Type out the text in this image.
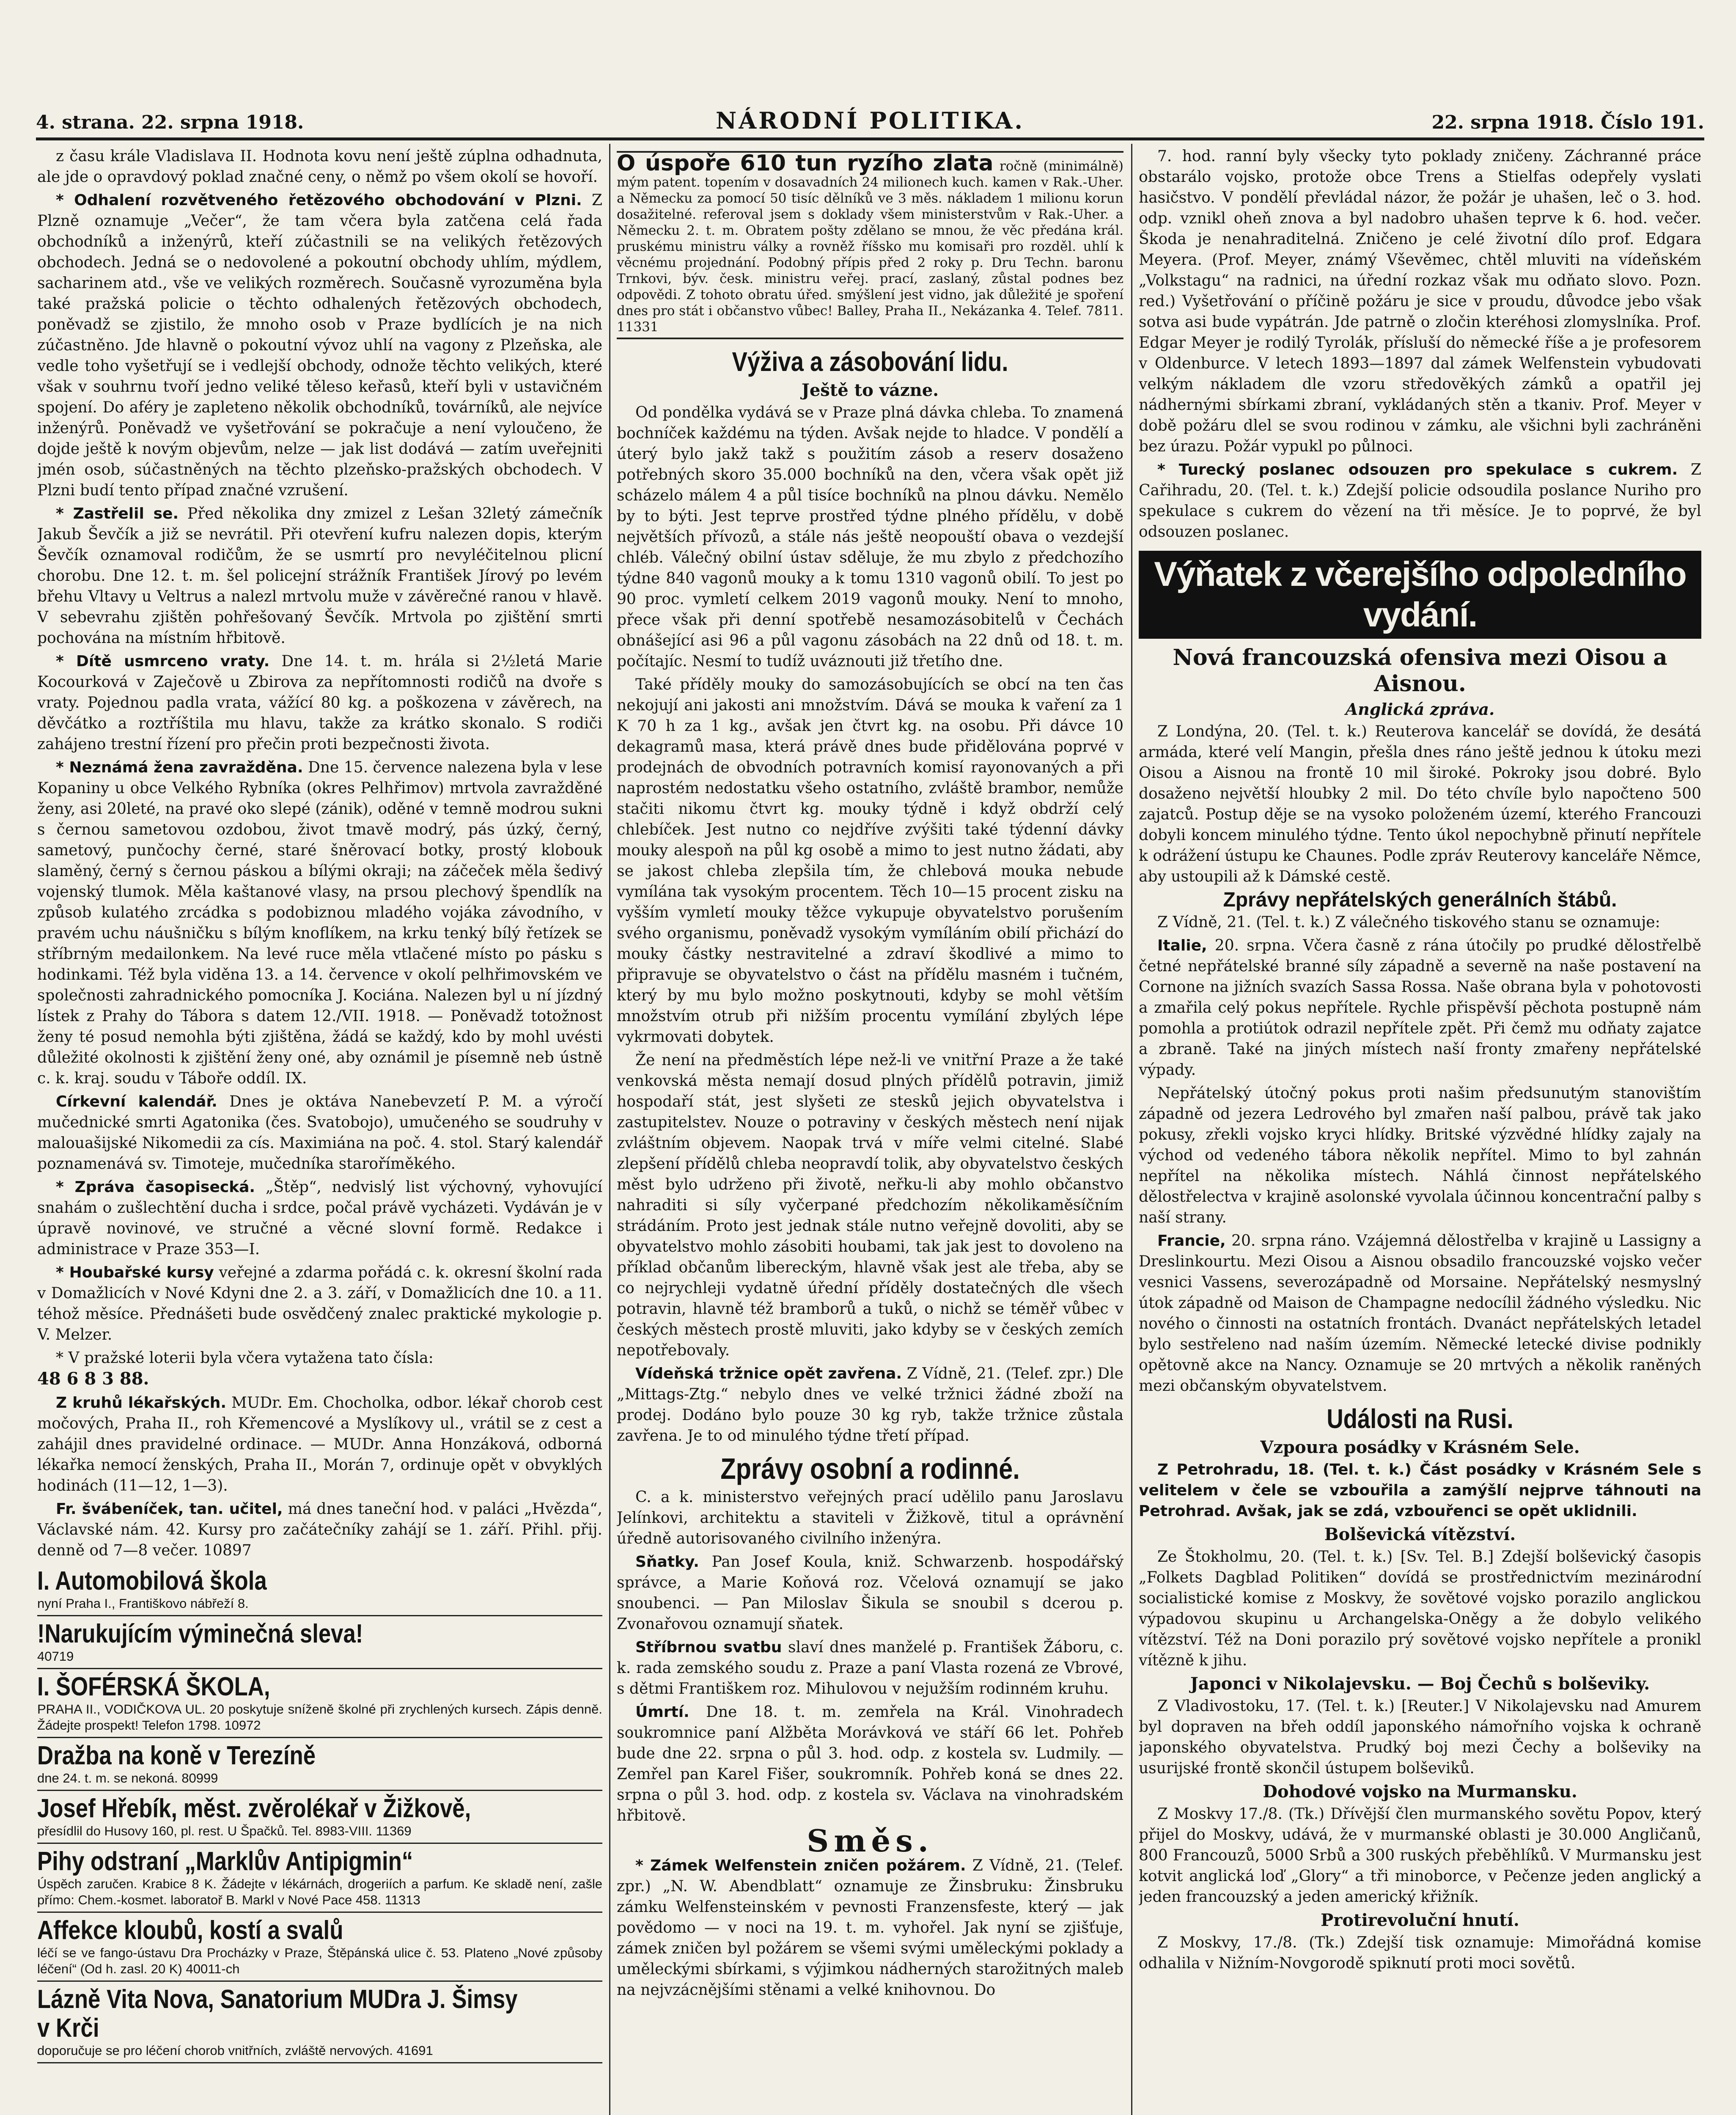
4. strana. 22. srpna 1918.	NÁRODNÍ POLITIKA.	22. srpna 1918. Číslo 191.

z času krále Vladislava II. Hodnota kovu není ještě zúplna odhadnuta, ale jde o opravdový poklad značné ceny, o němž po všem okolí se hovoří.

* Odhalení rozvětveného řetězového obchodování v Plzni. Z Plzně oznamuje „Večer“, že tam včera byla zatčena celá řada obchodníků a inženýrů, kteří zúčastnili se na velikých řetězových obchodech. Jedná se o nedovolené a pokoutní obchody uhlím, mýdlem, sacharinem atd., vše ve velikých rozměrech. Současně vyrozuměna byla také pražská policie o těchto odhalených řetězových obchodech, poněvadž se zjistilo, že mnoho osob v Praze bydlících je na nich zúčastněno. Jde hlavně o pokoutní vývoz uhlí na vagony z Plzeňska, ale vedle toho vyšetřují se i vedlejší obchody, odnože těchto velikých, které však v souhrnu tvoří jedno veliké těleso keřasů, kteří byli v ustavičném spojení. Do aféry je zapleteno několik obchodníků, továrníků, ale nejvíce inženýrů. Poněvadž ve vyšetřování se pokračuje a není vyloučeno, že dojde ještě k novým objevům, nelze — jak list dodává — zatím uveřejniti jmén osob, súčastněných na těchto plzeňsko-pražských obchodech. V Plzni budí tento případ značné vzrušení.

* Zastřelil se. Před několika dny zmizel z Lešan 32letý zámečník Jakub Ševčík a již se nevrátil. Při otevření kufru nalezen dopis, kterým Ševčík oznamoval rodičům, že se usmrtí pro nevyléčitelnou plicní chorobu. Dne 12. t. m. šel policejní strážník František Jírový po levém břehu Vltavy u Veltrus a nalezl mrtvolu muže v závěrečné ranou v hlavě. V sebevrahu zjištěn pohřešovaný Ševčík. Mrtvola po zjištění smrti pochována na místním hřbitově.

* Dítě usmrceno vraty. Dne 14. t. m. hrála si 2½letá Marie Kocourková v Zaječově u Zbirova za nepřítomnosti rodičů na dvoře s vraty. Pojednou padla vrata, vážící 80 kg. a poškozena v závěrech, na děvčátko a roztříštila mu hlavu, takže za krátko skonalo. S rodiči zahájeno trestní řízení pro přečin proti bezpečnosti života.

* Neznámá žena zavražděna. Dne 15. července nalezena byla v lese Kopaniny u obce Velkého Rybníka (okres Pelhřimov) mrtvola zavražděné ženy, asi 20leté, na pravé oko slepé (zánik), oděné v temně modrou sukni s černou sametovou ozdobou, život tmavě modrý, pás úzký, černý, sametový, punčochy černé, staré šněrovací botky, prostý klobouk slaměný, černý s černou páskou a bílými okraji; na záčeček měla šedivý vojenský tlumok. Měla kaštanové vlasy, na prsou plechový špendlík na způsob kulatého zrcádka s podobiznou mladého vojáka závodního, v pravém uchu náušničku s bílým knoflíkem, na krku tenký bílý řetízek se stříbrným medailonkem. Na levé ruce měla vtlačené místo po pásku s hodinkami. Též byla viděna 13. a 14. července v okolí pelhřimovském ve společnosti zahradnického pomocníka J. Kociána. Nalezen byl u ní jízdný lístek z Prahy do Tábora s datem 12./VII. 1918. — Poněvadž totožnost ženy té posud nemohla býti zjištěna, žádá se každý, kdo by mohl uvésti důležité okolnosti k zjištění ženy oné, aby oznámil je písemně neb ústně c. k. kraj. soudu v Táboře oddíl. IX.

Církevní kalendář. Dnes je oktáva Nanebevzetí P. M. a výročí mučednické smrti Agatonika (čes. Svatobojo), umučeného se soudruhy v malouašijské Nikomedii za cís. Maximiána na poč. 4. stol. Starý kalendář poznamenává sv. Timoteje, mučedníka staroříměkého.

* Zpráva časopisecká. „Štěp“, nedvislý list výchovný, vyhovující snahám o zušlechtění ducha i srdce, počal právě vycházeti. Vydáván je v úpravě novinové, ve stručné a věcné slovní formě. Redakce i administrace v Praze 353—I.

* Houbařské kursy veřejné a zdarma pořádá c. k. okresní školní rada v Domažlicích v Nové Kdyni dne 2. a 3. září, v Domažlicích dne 10. a 11. téhož měsíce. Přednášeti bude osvědčený znalec praktické mykologie p. V. Melzer.

* V pražské loterii byla včera vytažena tato čísla:
48 6 8 3 88.

Z kruhů lékařských. MUDr. Em. Chocholka, odbor. lékař chorob cest močových, Praha II., roh Křemencové a Myslíkovy ul., vrátil se z cest a zahájil dnes pravidelné ordinace. — MUDr. Anna Honzáková, odborná lékařka nemocí ženských, Praha II., Morán 7, ordinuje opět v obvyklých hodinách (11—12, 1—3).

Fr. švábeníček, tan. učitel, má dnes taneční hod. v paláci „Hvězda“, Václavské nám. 42. Kursy pro začátečníky zahájí se 1. září. Přihl. přij. denně od 7—8 večer. 10897

I. Automobilová škola
nyní Praha I., Františkovo nábřeží 8.
!Narukujícím výminečná sleva!
40719
I. ŠOFÉRSKÁ ŠKOLA,
PRAHA II., VODIČKOVA UL. 20 poskytuje sníženě školné při zrychlených kursech. Zápis denně. Žádejte prospekt! Telefon 1798. 10972
Dražba na koně v Terezíně
dne 24. t. m. se nekoná. 80999
Josef Hřebík, měst. zvěrolékař v Žižkově,
přesídlil do Husovy 160, pl. rest. U Špačků. Tel. 8983-VIII. 11369
Pihy odstraní „Marklův Antipigmin“
Úspěch zaručen. Krabice 8 K. Žádejte v lékárnách, drogeriích a parfum. Ke skladě není, zašle přímo: Chem.-kosmet. laboratoř B. Markl v Nové Pace 458. 11313
Affekce kloubů, kostí a svalů
léčí se ve fango-ústavu Dra Procházky v Praze, Štěpánská ulice č. 53. Plateno „Nové způsoby léčení“ (Od h. zasl. 20 K) 40011-ch
Lázně Vita Nova, Sanatorium MUDra J. Šimsy v Krči
doporučuje se pro léčení chorob vnitřních, zvláště nervových. 41691
O úspoře 610 tun ryzího zlata ročně (minimálně) mým patent. topením v dosavadních 24 milionech kuch. kamen v Rak.-Uher. a Německu za pomocí 50 tisíc dělníků ve 3 měs. nákladem 1 milionu korun dosažitelné. referoval jsem s doklady všem ministerstvům v Rak.-Uher. a Německu 2. t. m. Obratem pošty zdělano se mnou, že věc předána král. pruskému ministru války a rovněž říšsko mu komisaři pro rozděl. uhlí k věcnému projednání. Podobný přípis před 2 roky p. Dru Techn. baronu Trnkovi, býv. česk. ministru veřej. prací, zaslaný, zůstal podnes bez odpovědi. Z tohoto obratu úřed. smýšlení jest vidno, jak důležité je spoření dnes pro stát i občanstvo vůbec! Balley, Praha II., Nekázanka 4. Telef. 7811. 11331
Výživa a zásobování lidu.
Ještě to vázne.

Od pondělka vydává se v Praze plná dávka chleba. To znamená bochníček každému na týden. Avšak nejde to hladce. V pondělí a úterý bylo jakž takž s použitím zásob a reserv dosaženo potřebných skoro 35.000 bochníků na den, včera však opět již scházelo málem 4 a půl tisíce bochníků na plnou dávku. Nemělo by to býti. Jest teprve prostřed týdne plného přídělu, v době největších přívozů, a stále nás ještě neopouští obava o vezdejší chléb. Válečný obilní ústav sděluje, že mu zbylo z předchozího týdne 840 vagonů mouky a k tomu 1310 vagonů obilí. To jest po 90 proc. vymletí celkem 2019 vagonů mouky. Není to mnoho, přece však při denní spotřebě nesamozásobitelů v Čechách obnášející asi 96 a půl vagonu zásobách na 22 dnů od 18. t. m. počítajíc. Nesmí to tudíž uváznouti již třetího dne.

Také příděly mouky do samozásobujících se obcí na ten čas nekojují ani jakosti ani množstvím. Dává se mouka k vaření za 1 K 70 h za 1 kg., avšak jen čtvrt kg. na osobu. Při dávce 10 dekagramů masa, která právě dnes bude přidělována poprvé v prodejnách de obvodních potravních komisí rayonovaných a při naprostém nedostatku všeho ostatního, zvláště brambor, nemůže stačiti nikomu čtvrt kg. mouky týdně i když obdrží celý chlebíček. Jest nutno co nejdříve zvýšiti také týdenní dávky mouky alespoň na půl kg osobě a mimo to jest nutno žádati, aby se jakost chleba zlepšila tím, že chlebová mouka nebude vymílána tak vysokým procentem. Těch 10—15 procent zisku na vyšším vymletí mouky těžce vykupuje obyvatelstvo porušením svého organismu, poněvadž vysokým vymíláním obilí přichází do mouky částky nestravitelné a zdraví škodlivé a mimo to připravuje se obyvatelstvo o část na přídělu masném i tučném, který by mu bylo možno poskytnouti, kdyby se mohl větším množstvím otrub při nižším procentu vymílání zbylých lépe vykrmovati dobytek.

Že není na předměstích lépe než-li ve vnitřní Praze a že také venkovská města nemají dosud plných přídělů potravin, jimiž hospodaří stát, jest slyšeti ze stesků jejich obyvatelstva i zastupitelstev. Nouze o potraviny v českých městech není nijak zvláštním objevem. Naopak trvá v míře velmi citelné. Slabé zlepšení přídělů chleba neopravdí tolik, aby obyvatelstvo českých měst bylo udrženo při životě, neřku-li aby mohlo občanstvo nahraditi si síly vyčerpané předchozím několikaměsíčním strádáním. Proto jest jednak stále nutno veřejně dovoliti, aby se obyvatelstvo mohlo zásobiti houbami, tak jak jest to dovoleno na příklad občanům libereckým, hlavně však jest ale třeba, aby se co nejrychleji vydatně úřední příděly dostatečných dle všech potravin, hlavně též bramborů a tuků, o nichž se téměř vůbec v českých městech prostě mluviti, jako kdyby se v českých zemích nepotřebovaly.

Vídeňská tržnice opět zavřena. Z Vídně, 21. (Telef. zpr.) Dle „Mittags-Ztg.“ nebylo dnes ve velké tržnici žádné zboží na prodej. Dodáno bylo pouze 30 kg ryb, takže tržnice zůstala zavřena. Je to od minulého týdne třetí případ.

Zprávy osobní a rodinné.

C. a k. ministerstvo veřejných prací udělilo panu Jaroslavu Jelínkovi, architektu a staviteli v Žižkově, titul a oprávnění úředně autorisovaného civilního inženýra.

Sňatky. Pan Josef Koula, kniž. Schwarzenb. hospodářský správce, a Marie Koňová roz. Včelová oznamují se jako snoubenci. — Pan Miloslav Šikula se snoubil s dcerou p. Zvonařovou oznamují sňatek.

Stříbrnou svatbu slaví dnes manželé p. František Žáboru, c. k. rada zemského soudu z. Praze a paní Vlasta rozená ze Vbrové, s dětmi Františkem roz. Mihulovou v nejužším rodinném kruhu.

Úmrtí. Dne 18. t. m. zemřela na Král. Vinohradech soukromnice paní Alžběta Morávková ve stáří 66 let. Pohřeb bude dne 22. srpna o půl 3. hod. odp. z kostela sv. Ludmily. — Zemřel pan Karel Fišer, soukromník. Pohřeb koná se dnes 22. srpna o půl 3. hod. odp. z kostela sv. Václava na vinohradském hřbitově.

Směs.

* Zámek Welfenstein zničen požárem. Z Vídně, 21. (Telef. zpr.) „N. W. Abendblatt“ oznamuje ze Žinsbruku: Žinsbruku zámku Welfensteinském v pevnosti Franzensfeste, který — jak povědomo — v noci na 19. t. m. vyhořel. Jak nyní se zjišťuje, zámek zničen byl požárem se všemi svými uměleckými poklady a uměleckými sbírkami, s výjimkou nádherných starožitných maleb na nejvzácnějšími stěnami a velké knihovnou. Do

7. hod. ranní byly všecky tyto poklady zničeny. Záchranné práce obstarálo vojsko, protože obce Trens a Stielfas odepřely vyslati hasičstvo. V pondělí převládal názor, že požár je uhašen, leč o 3. hod. odp. vznikl oheň znova a byl nadobro uhašen teprve k 6. hod. večer. Škoda je nenahraditelná. Zničeno je celé životní dílo prof. Edgara Meyera. (Prof. Meyer, známý Vševěmec, chtěl mluviti na vídeňském „Volkstagu“ na radnici, na úřední rozkaz však mu odňato slovo. Pozn. red.) Vyšetřování o příčině požáru je sice v proudu, důvodce jebo však sotva asi bude vypátrán. Jde patrně o zločin kteréhosi zlomyslníka. Prof. Edgar Meyer je rodilý Tyrolák, přísluší do německé říše a je profesorem v Oldenburce. V letech 1893—1897 dal zámek Welfenstein vybudovati velkým nákladem dle vzoru středověkých zámků a opatřil jej nádhernými sbírkami zbraní, vykládaných stěn a tkaniv. Prof. Meyer v době požáru dlel se svou rodinou v zámku, ale všichni byli zachráněni bez úrazu. Požár vypukl po půlnoci.

* Turecký poslanec odsouzen pro spekulace s cukrem. Z Cařihradu, 20. (Tel. t. k.) Zdejší policie odsoudila poslance Nuriho pro spekulace s cukrem do vězení na tři měsíce. Je to poprvé, že byl odsouzen poslanec.

Výňatek z včerejšího odpoledního vydání.
Nová francouzská ofensiva mezi Oisou a Aisnou.
Anglická zpráva.

Z Londýna, 20. (Tel. t. k.) Reuterova kancelář se dovídá, že desátá armáda, které velí Mangin, přešla dnes ráno ještě jednou k útoku mezi Oisou a Aisnou na frontě 10 mil široké. Pokroky jsou dobré. Bylo dosaženo největší hloubky 2 mil. Do této chvíle bylo napočteno 500 zajatců. Postup děje se na vysoko položeném území, kterého Francouzi dobyli koncem minulého týdne. Tento úkol nepochybně přinutí nepřítele k odrážení ústupu ke Chaunes. Podle zpráv Reuterovy kanceláře Němce, aby ustoupili až k Dámské cestě.

Zprávy nepřátelských generálních štábů.

Z Vídně, 21. (Tel. t. k.) Z válečného tiskového stanu se oznamuje:

Italie, 20. srpna. Včera časně z rána útočily po prudké dělostřelbě četné nepřátelské branné síly západně a severně na naše postavení na Cornone na jižních svazích Sassa Rossa. Naše obrana byla v pohotovosti a zmařila celý pokus nepřítele. Rychle přispěvší pěchota postupně nám pomohla a protiútok odrazil nepřítele zpět. Při čemž mu odňaty zajatce a zbraně. Také na jiných místech naší fronty zmařeny nepřátelské výpady.

Nepřátelský útočný pokus proti našim předsunutým stanovištím západně od jezera Ledrového byl zmařen naší palbou, právě tak jako pokusy, zřekli vojsko kryci hlídky. Britské výzvědné hlídky zajaly na východ od vedeného tábora několik nepřítel. Mimo to byl zahnán nepřítel na několika místech. Náhlá činnost nepřátelského dělostřelectva v krajině asolonské vyvolala účinnou koncentrační palby s naší strany.

Francie, 20. srpna ráno. Vzájemná dělostřelba v krajině u Lassigny a Dreslinkourtu. Mezi Oisou a Aisnou obsadilo francouzské vojsko večer vesnici Vassens, severozápadně od Morsaine. Nepřátelský nesmyslný útok západně od Maison de Champagne nedocílil žádného výsledku. Nic nového o činnosti na ostatních frontách. Dvanáct nepřátelských letadel bylo sestřeleno nad naším územím. Německé letecké divise podnikly opětovně akce na Nancy. Oznamuje se 20 mrtvých a několik raněných mezi občanským obyvatelstvem.

Události na Rusi.
Vzpoura posádky v Krásném Sele.

Z Petrohradu, 18. (Tel. t. k.) Část posádky v Krásném Sele s velitelem v čele se vzbouřila a zamýšlí nejprve táhnouti na Petrohrad. Avšak, jak se zdá, vzbouřenci se opět uklidnili.

Bolševická vítězství.

Ze Štokholmu, 20. (Tel. t. k.) [Sv. Tel. B.] Zdejší bolševický časopis „Folkets Dagblad Politiken“ dovídá se prostřednictvím mezinárodní socialistické komise z Moskvy, že sovětové vojsko porazilo anglickou výpadovou skupinu u Archangelska-Oněgy a že dobylo velikého vítězství. Též na Doni porazilo prý sovětové vojsko nepřítele a pronikl vítězně k jihu.

Japonci v Nikolajevsku. — Boj Čechů s bolševiky.

Z Vladivostoku, 17. (Tel. t. k.) [Reuter.] V Nikolajevsku nad Amurem byl dopraven na břeh oddíl japonského námořního vojska k ochraně japonského obyvatelstva. Prudký boj mezi Čechy a bolševiky na usurijské frontě skončil ústupem bolševiků.

Dohodové vojsko na Murmansku.

Z Moskvy 17./8. (Tk.) Dřívější člen murmanského sovětu Popov, který přijel do Moskvy, udává, že v murmanské oblasti je 30.000 Angličanů, 800 Francouzů, 5000 Srbů a 300 ruských přeběhlíků. V Murmansku jest kotvit anglická loď „Glory“ a tři minoborce, v Pečenze jeden anglický a jeden francouzský a jeden americký křižník.

Protirevoluční hnutí.

Z Moskvy, 17./8. (Tk.) Zdejší tisk oznamuje: Mimořádná komise odhalila v Nižním-Novgorodě spiknutí proti moci sovětů.
